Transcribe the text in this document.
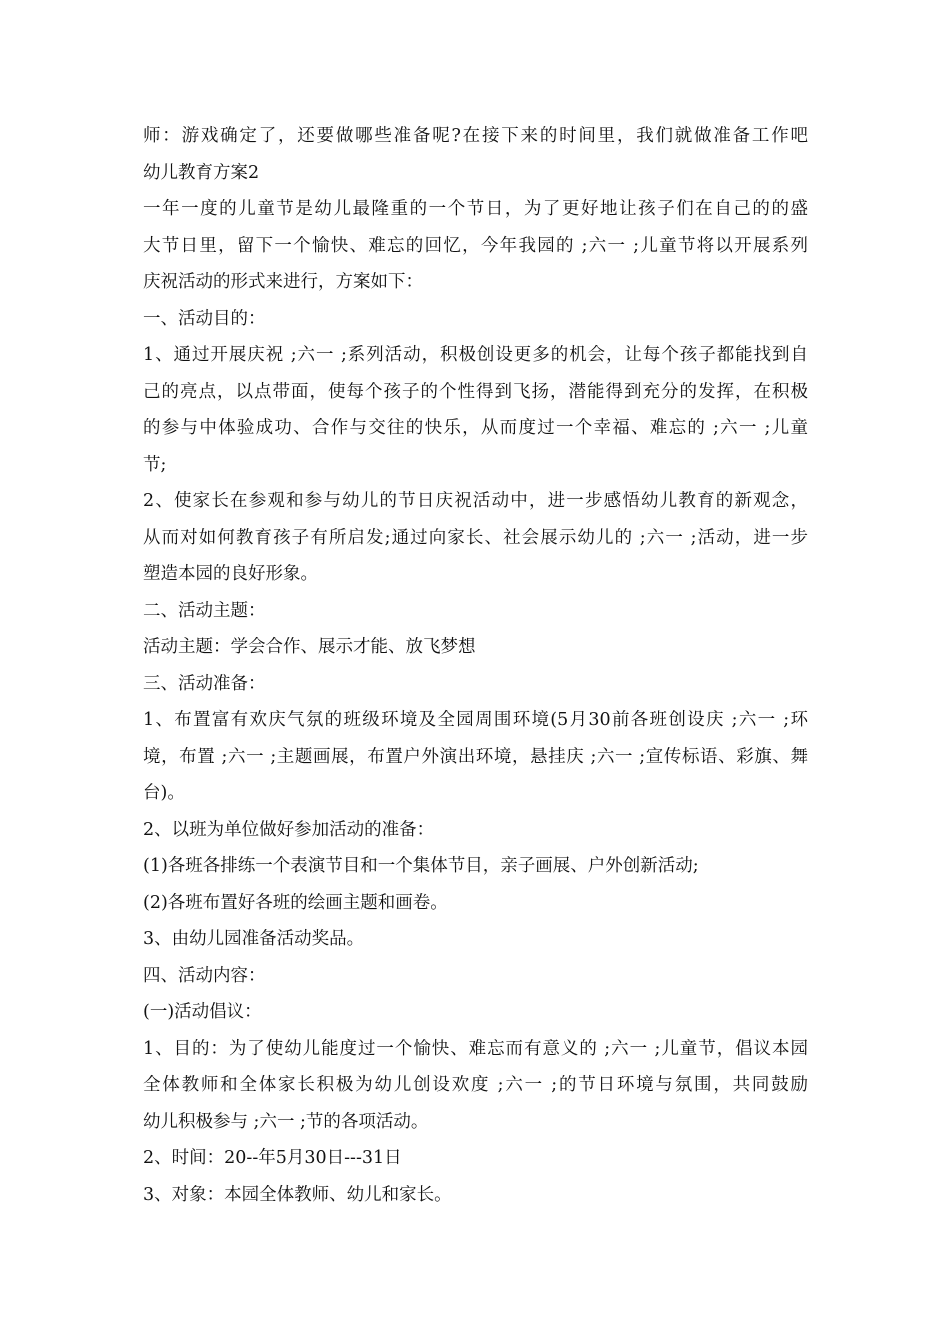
师：游戏确定了，还要做哪些准备呢?在接下来的时间里，我们就做准备工作吧
幼儿教育方案2
一年一度的儿童节是幼儿最隆重的一个节日，为了更好地让孩子们在自己的的盛
大节日里，留下一个愉快、难忘的回忆，今年我园的 ;六一 ;儿童节将以开展系列
庆祝活动的形式来进行，方案如下：
一、活动目的：
1、通过开展庆祝 ;六一 ;系列活动，积极创设更多的机会，让每个孩子都能找到自
己的亮点，以点带面，使每个孩子的个性得到飞扬，潜能得到充分的发挥，在积极
的参与中体验成功、合作与交往的快乐，从而度过一个幸福、难忘的 ;六一 ;儿童
节;
2、使家长在参观和参与幼儿的节日庆祝活动中，进一步感悟幼儿教育的新观念，
从而对如何教育孩子有所启发;通过向家长、社会展示幼儿的 ;六一 ;活动，进一步
塑造本园的良好形象。
二、活动主题：
活动主题：学会合作、展示才能、放飞梦想
三、活动准备：
1、布置富有欢庆气氛的班级环境及全园周围环境(5月30前各班创设庆 ;六一 ;环
境，布置 ;六一 ;主题画展，布置户外演出环境，悬挂庆 ;六一 ;宣传标语、彩旗、舞
台)。
2、以班为单位做好参加活动的准备：
(1)各班各排练一个表演节目和一个集体节目，亲子画展、户外创新活动;
(2)各班布置好各班的绘画主题和画卷。
3、由幼儿园准备活动奖品。
四、活动内容：
(一)活动倡议：
1、目的：为了使幼儿能度过一个愉快、难忘而有意义的 ;六一 ;儿童节，倡议本园
全体教师和全体家长积极为幼儿创设欢度 ;六一 ;的节日环境与氛围，共同鼓励
幼儿积极参与 ;六一 ;节的各项活动。
2、时间：20--年5月30日---31日
3、对象：本园全体教师、幼儿和家长。
